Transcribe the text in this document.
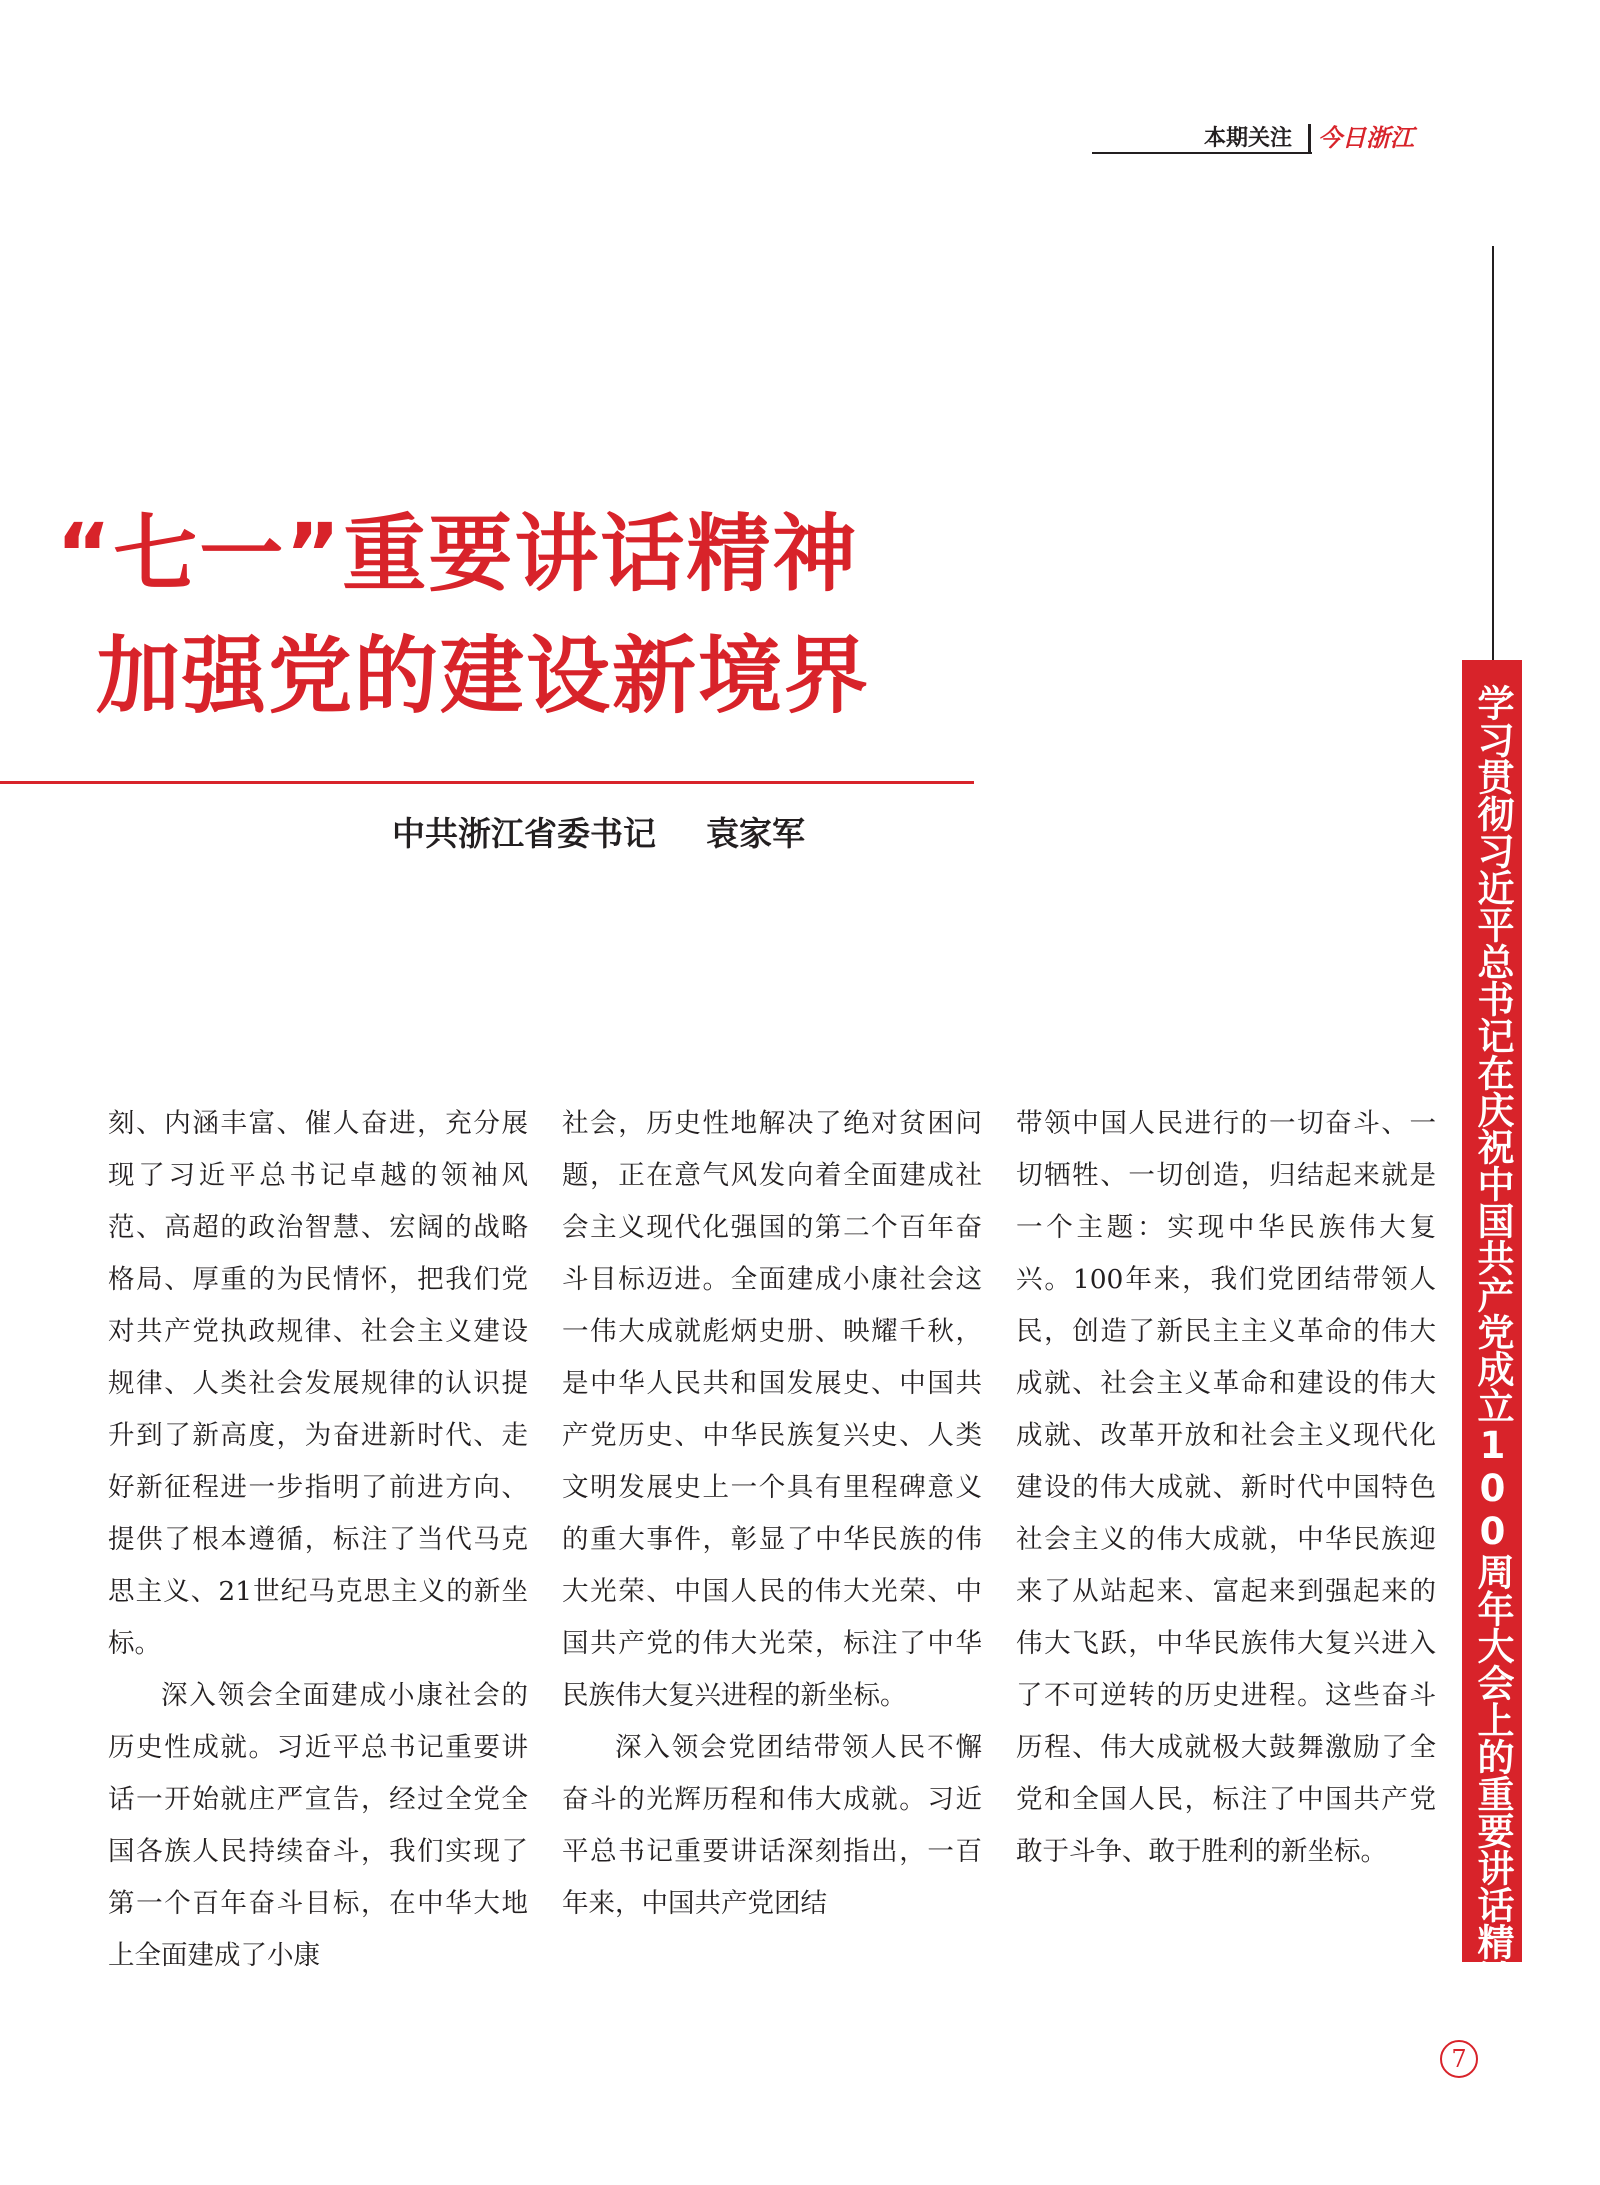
本期关注 今日浙江
学习贯彻习近平总书记在庆祝中国共产党成立100周年大会上的重要讲话精神
“七一”重要讲话精神
加强党的建设新境界
中共浙江省委书记 袁家军

刻、内涵丰富、催人奋进，充分展现了习近平总书记卓越的领袖风范、高超的政治智慧、宏阔的战略格局、厚重的为民情怀，把我们党对共产党执政规律、社会主义建设规律、人类社会发展规律的认识提升到了新高度，为奋进新时代、走好新征程进一步指明了前进方向、提供了根本遵循，标注了当代马克思主义、21世纪马克思主义的新坐标。

深入领会全面建成小康社会的历史性成就。习近平总书记重要讲话一开始就庄严宣告，经过全党全国各族人民持续奋斗，我们实现了第一个百年奋斗目标，在中华大地上全面建成了小康

社会，历史性地解决了绝对贫困问题，正在意气风发向着全面建成社会主义现代化强国的第二个百年奋斗目标迈进。全面建成小康社会这一伟大成就彪炳史册、映耀千秋，是中华人民共和国发展史、中国共产党历史、中华民族复兴史、人类文明发展史上一个具有里程碑意义的重大事件，彰显了中华民族的伟大光荣、中国人民的伟大光荣、中国共产党的伟大光荣，标注了中华民族伟大复兴进程的新坐标。

深入领会党团结带领人民不懈奋斗的光辉历程和伟大成就。习近平总书记重要讲话深刻指出，一百年来，中国共产党团结

带领中国人民进行的一切奋斗、一切牺牲、一切创造，归结起来就是一个主题：实现中华民族伟大复兴。100年来，我们党团结带领人民，创造了新民主主义革命的伟大成就、社会主义革命和建设的伟大成就、改革开放和社会主义现代化建设的伟大成就、新时代中国特色社会主义的伟大成就，中华民族迎来了从站起来、富起来到强起来的伟大飞跃，中华民族伟大复兴进入了不可逆转的历史进程。这些奋斗历程、伟大成就极大鼓舞激励了全党和全国人民，标注了中国共产党敢于斗争、敢于胜利的新坐标。

7
